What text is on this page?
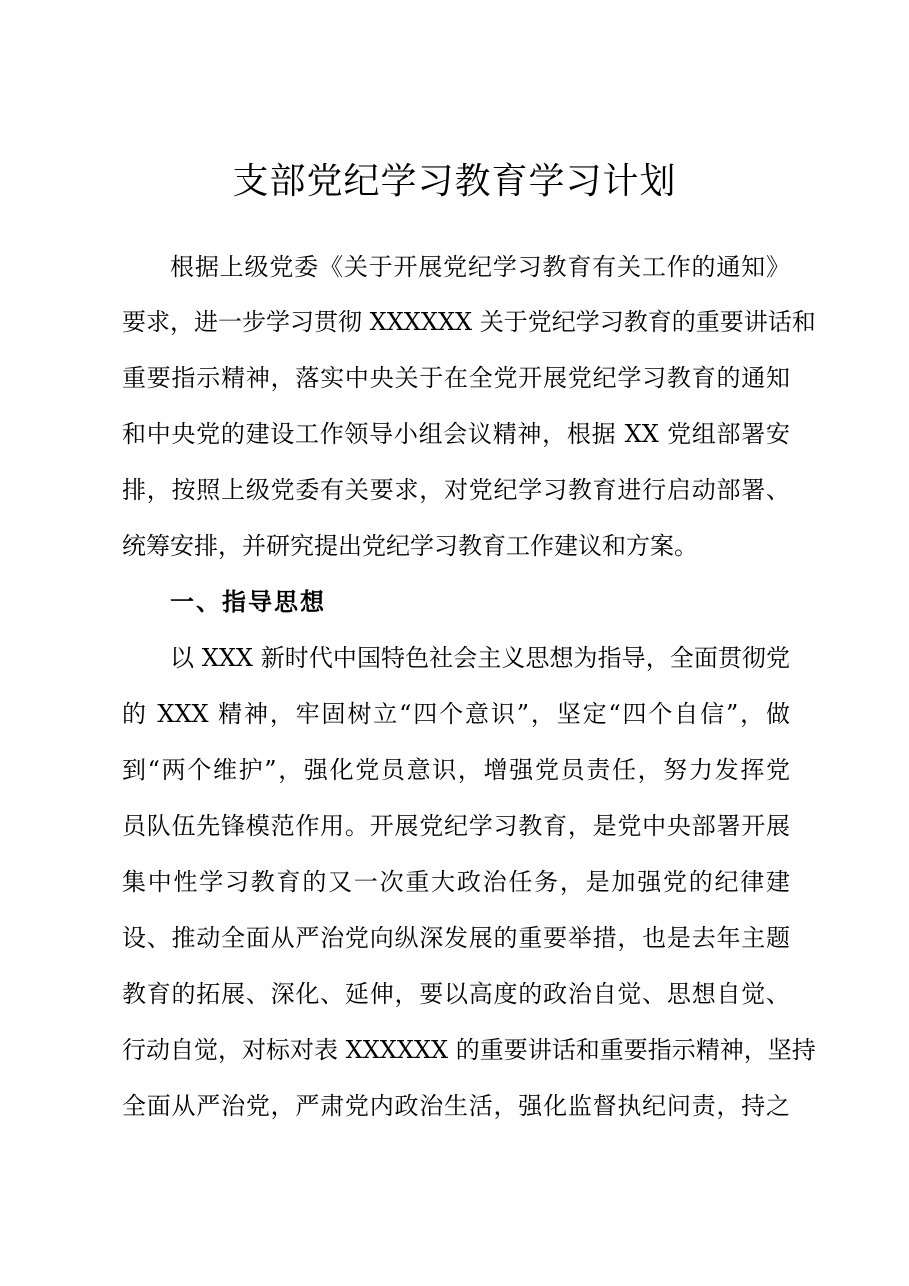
支部党纪学习教育学习计划
根据上级党委《关于开展党纪学习教育有关工作的通知》
要求，进一步学习贯彻 XXXXXX 关于党纪学习教育的重要讲话和
重要指示精神，落实中央关于在全党开展党纪学习教育的通知
和中央党的建设工作领导小组会议精神，根据 XX 党组部署安
排，按照上级党委有关要求，对党纪学习教育进行启动部署、
统筹安排，并研究提出党纪学习教育工作建议和方案。
一、指导思想
以 XXX 新时代中国特色社会主义思想为指导，全面贯彻党
的 XXX 精神，牢固树立“四个意识”，坚定“四个自信”，做
到“两个维护”，强化党员意识，增强党员责任，努力发挥党
员队伍先锋模范作用。开展党纪学习教育，是党中央部署开展
集中性学习教育的又一次重大政治任务，是加强党的纪律建
设、推动全面从严治党向纵深发展的重要举措，也是去年主题
教育的拓展、深化、延伸，要以高度的政治自觉、思想自觉、
行动自觉，对标对表 XXXXXX 的重要讲话和重要指示精神，坚持
全面从严治党，严肃党内政治生活，强化监督执纪问责，持之
